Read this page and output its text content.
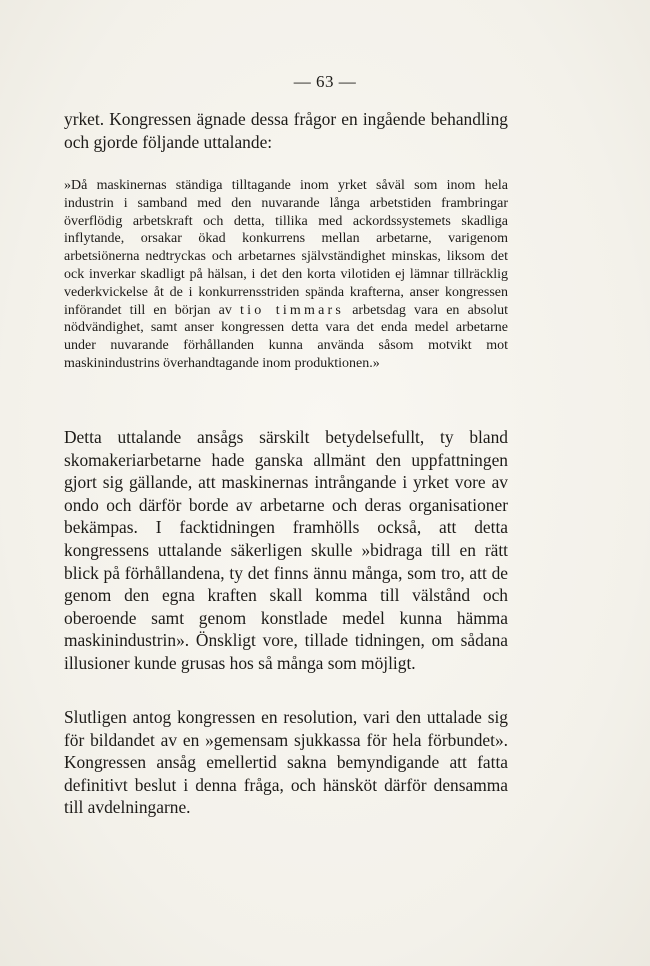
— 63 —

yrket. Kongressen ägnade dessa frågor en ingående behandling och gjorde följande uttalande:

»Då maskinernas ständiga tilltagande inom yrket såväl som inom hela industrin i samband med den nuvarande långa arbetstiden frambringar överflödig arbetskraft och detta, tillika med ackordssystemets skadliga inflytande, orsakar ökad konkurrens mellan arbetarne, varigenom arbetsiönerna nedtryckas och arbetarnes självständighet minskas, liksom det ock inverkar skadligt på hälsan, i det den korta vilotiden ej lämnar tillräcklig vederkvickelse åt de i konkurrensstriden spända krafterna, anser kongressen införandet till en början av tio timmars arbetsdag vara en absolut nödvändighet, samt anser kongressen detta vara det enda medel arbetarne under nuvarande förhållanden kunna använda såsom motvikt mot maskinindustrins överhandtagande inom produktionen.»

Detta uttalande ansågs särskilt betydelsefullt, ty bland skomakeriarbetarne hade ganska allmänt den uppfattningen gjort sig gällande, att maskinernas intrångande i yrket vore av ondo och därför borde av arbetarne och deras organisationer bekämpas. I facktidningen framhölls också, att detta kongressens uttalande säkerligen skulle »bidraga till en rätt blick på förhållandena, ty det finns ännu många, som tro, att de genom den egna kraften skall komma till välstånd och oberoende samt genom konstlade medel kunna hämma maskinindustrin». Önskligt vore, tillade tidningen, om sådana illusioner kunde grusas hos så många som möjligt.

Slutligen antog kongressen en resolution, vari den uttalade sig för bildandet av en »gemensam sjukkassa för hela förbundet». Kongressen ansåg emellertid sakna bemyndigande att fatta definitivt beslut i denna fråga, och hänsköt därför densamma till avdelningarne.
